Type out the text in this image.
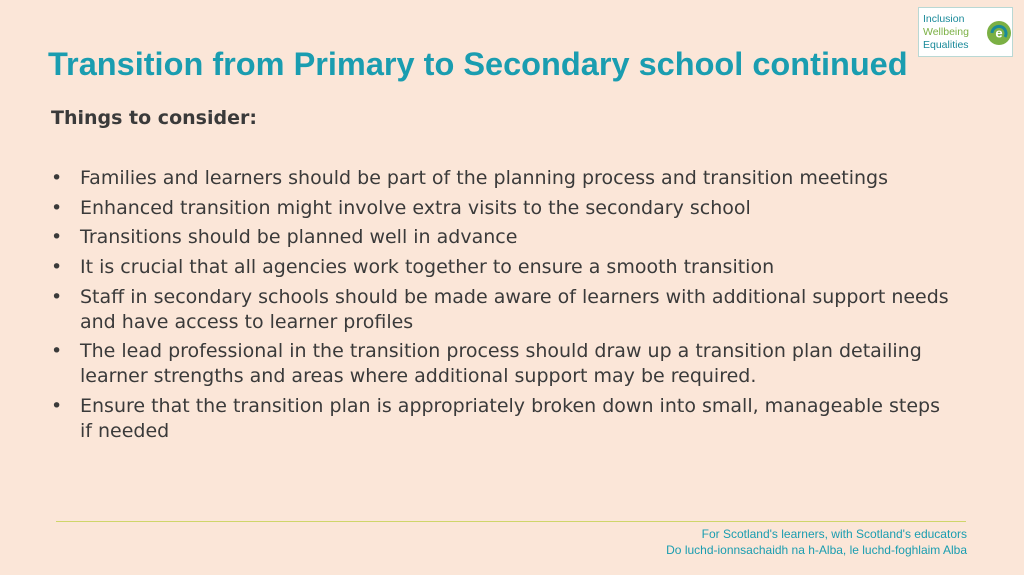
Inclusion
Wellbeing
Equalities
e
Transition from Primary to Secondary school continued
Things to consider:
• Families and learners should be part of the planning process and transition meetings
• Enhanced transition might involve extra visits to the secondary school
• Transitions should be planned well in advance
• It is crucial that all agencies work together to ensure a smooth transition
• Staff in secondary schools should be made aware of learners with additional support needs and have access to learner profiles
• The lead professional in the transition process should draw up a transition plan detailing learner strengths and areas where additional support may be required.
• Ensure that the transition plan is appropriately broken down into small, manageable steps if needed
For Scotland's learners, with Scotland's educators
Do luchd-ionnsachaidh na h-Alba, le luchd-foghlaim Alba
